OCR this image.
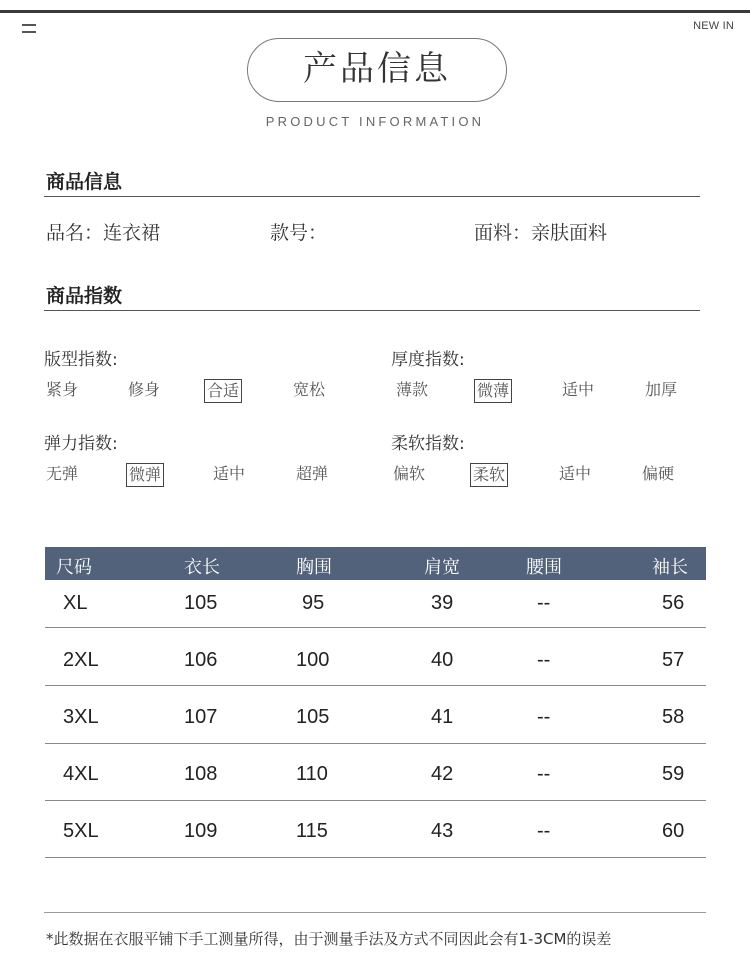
NEW IN
产品信息
PRODUCT INFORMATION
商品信息
品名：连衣裙	款号：	面料：亲肤面料
商品指数
版型指数:
紧身	修身	合适	宽松
厚度指数:
薄款	微薄	适中	加厚
弹力指数:
无弹	微弹	适中	超弹
柔软指数:
偏软	柔软	适中	偏硬
尺码	衣长	胸围	肩宽	腰围	袖长
XL	105	95	39	--	56
2XL	106	100	40	--	57
3XL	107	105	41	--	58
4XL	108	110	42	--	59
5XL	109	115	43	--	60
*此数据在衣服平铺下手工测量所得，由于测量手法及方式不同因此会有1-3CM的误差
